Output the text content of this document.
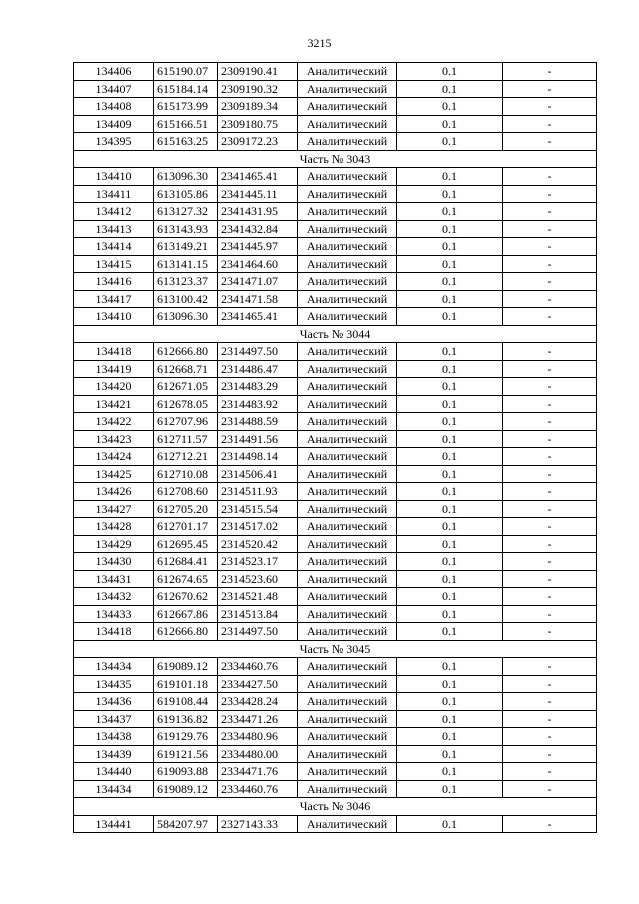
3215
134406	615190.07	2309190.41	Аналитический	0.1	-
134407	615184.14	2309190.32	Аналитический	0.1	-
134408	615173.99	2309189.34	Аналитический	0.1	-
134409	615166.51	2309180.75	Аналитический	0.1	-
134395	615163.25	2309172.23	Аналитический	0.1	-
Часть № 3043					
134410	613096.30	2341465.41	Аналитический	0.1	-
134411	613105.86	2341445.11	Аналитический	0.1	-
134412	613127.32	2341431.95	Аналитический	0.1	-
134413	613143.93	2341432.84	Аналитический	0.1	-
134414	613149.21	2341445.97	Аналитический	0.1	-
134415	613141.15	2341464.60	Аналитический	0.1	-
134416	613123.37	2341471.07	Аналитический	0.1	-
134417	613100.42	2341471.58	Аналитический	0.1	-
134410	613096.30	2341465.41	Аналитический	0.1	-
Часть № 3044					
134418	612666.80	2314497.50	Аналитический	0.1	-
134419	612668.71	2314486.47	Аналитический	0.1	-
134420	612671.05	2314483.29	Аналитический	0.1	-
134421	612678.05	2314483.92	Аналитический	0.1	-
134422	612707.96	2314488.59	Аналитический	0.1	-
134423	612711.57	2314491.56	Аналитический	0.1	-
134424	612712.21	2314498.14	Аналитический	0.1	-
134425	612710.08	2314506.41	Аналитический	0.1	-
134426	612708.60	2314511.93	Аналитический	0.1	-
134427	612705.20	2314515.54	Аналитический	0.1	-
134428	612701.17	2314517.02	Аналитический	0.1	-
134429	612695.45	2314520.42	Аналитический	0.1	-
134430	612684.41	2314523.17	Аналитический	0.1	-
134431	612674.65	2314523.60	Аналитический	0.1	-
134432	612670.62	2314521.48	Аналитический	0.1	-
134433	612667.86	2314513.84	Аналитический	0.1	-
134418	612666.80	2314497.50	Аналитический	0.1	-
Часть № 3045					
134434	619089.12	2334460.76	Аналитический	0.1	-
134435	619101.18	2334427.50	Аналитический	0.1	-
134436	619108.44	2334428.24	Аналитический	0.1	-
134437	619136.82	2334471.26	Аналитический	0.1	-
134438	619129.76	2334480.96	Аналитический	0.1	-
134439	619121.56	2334480.00	Аналитический	0.1	-
134440	619093.88	2334471.76	Аналитический	0.1	-
134434	619089.12	2334460.76	Аналитический	0.1	-
Часть № 3046					
134441	584207.97	2327143.33	Аналитический	0.1	-
